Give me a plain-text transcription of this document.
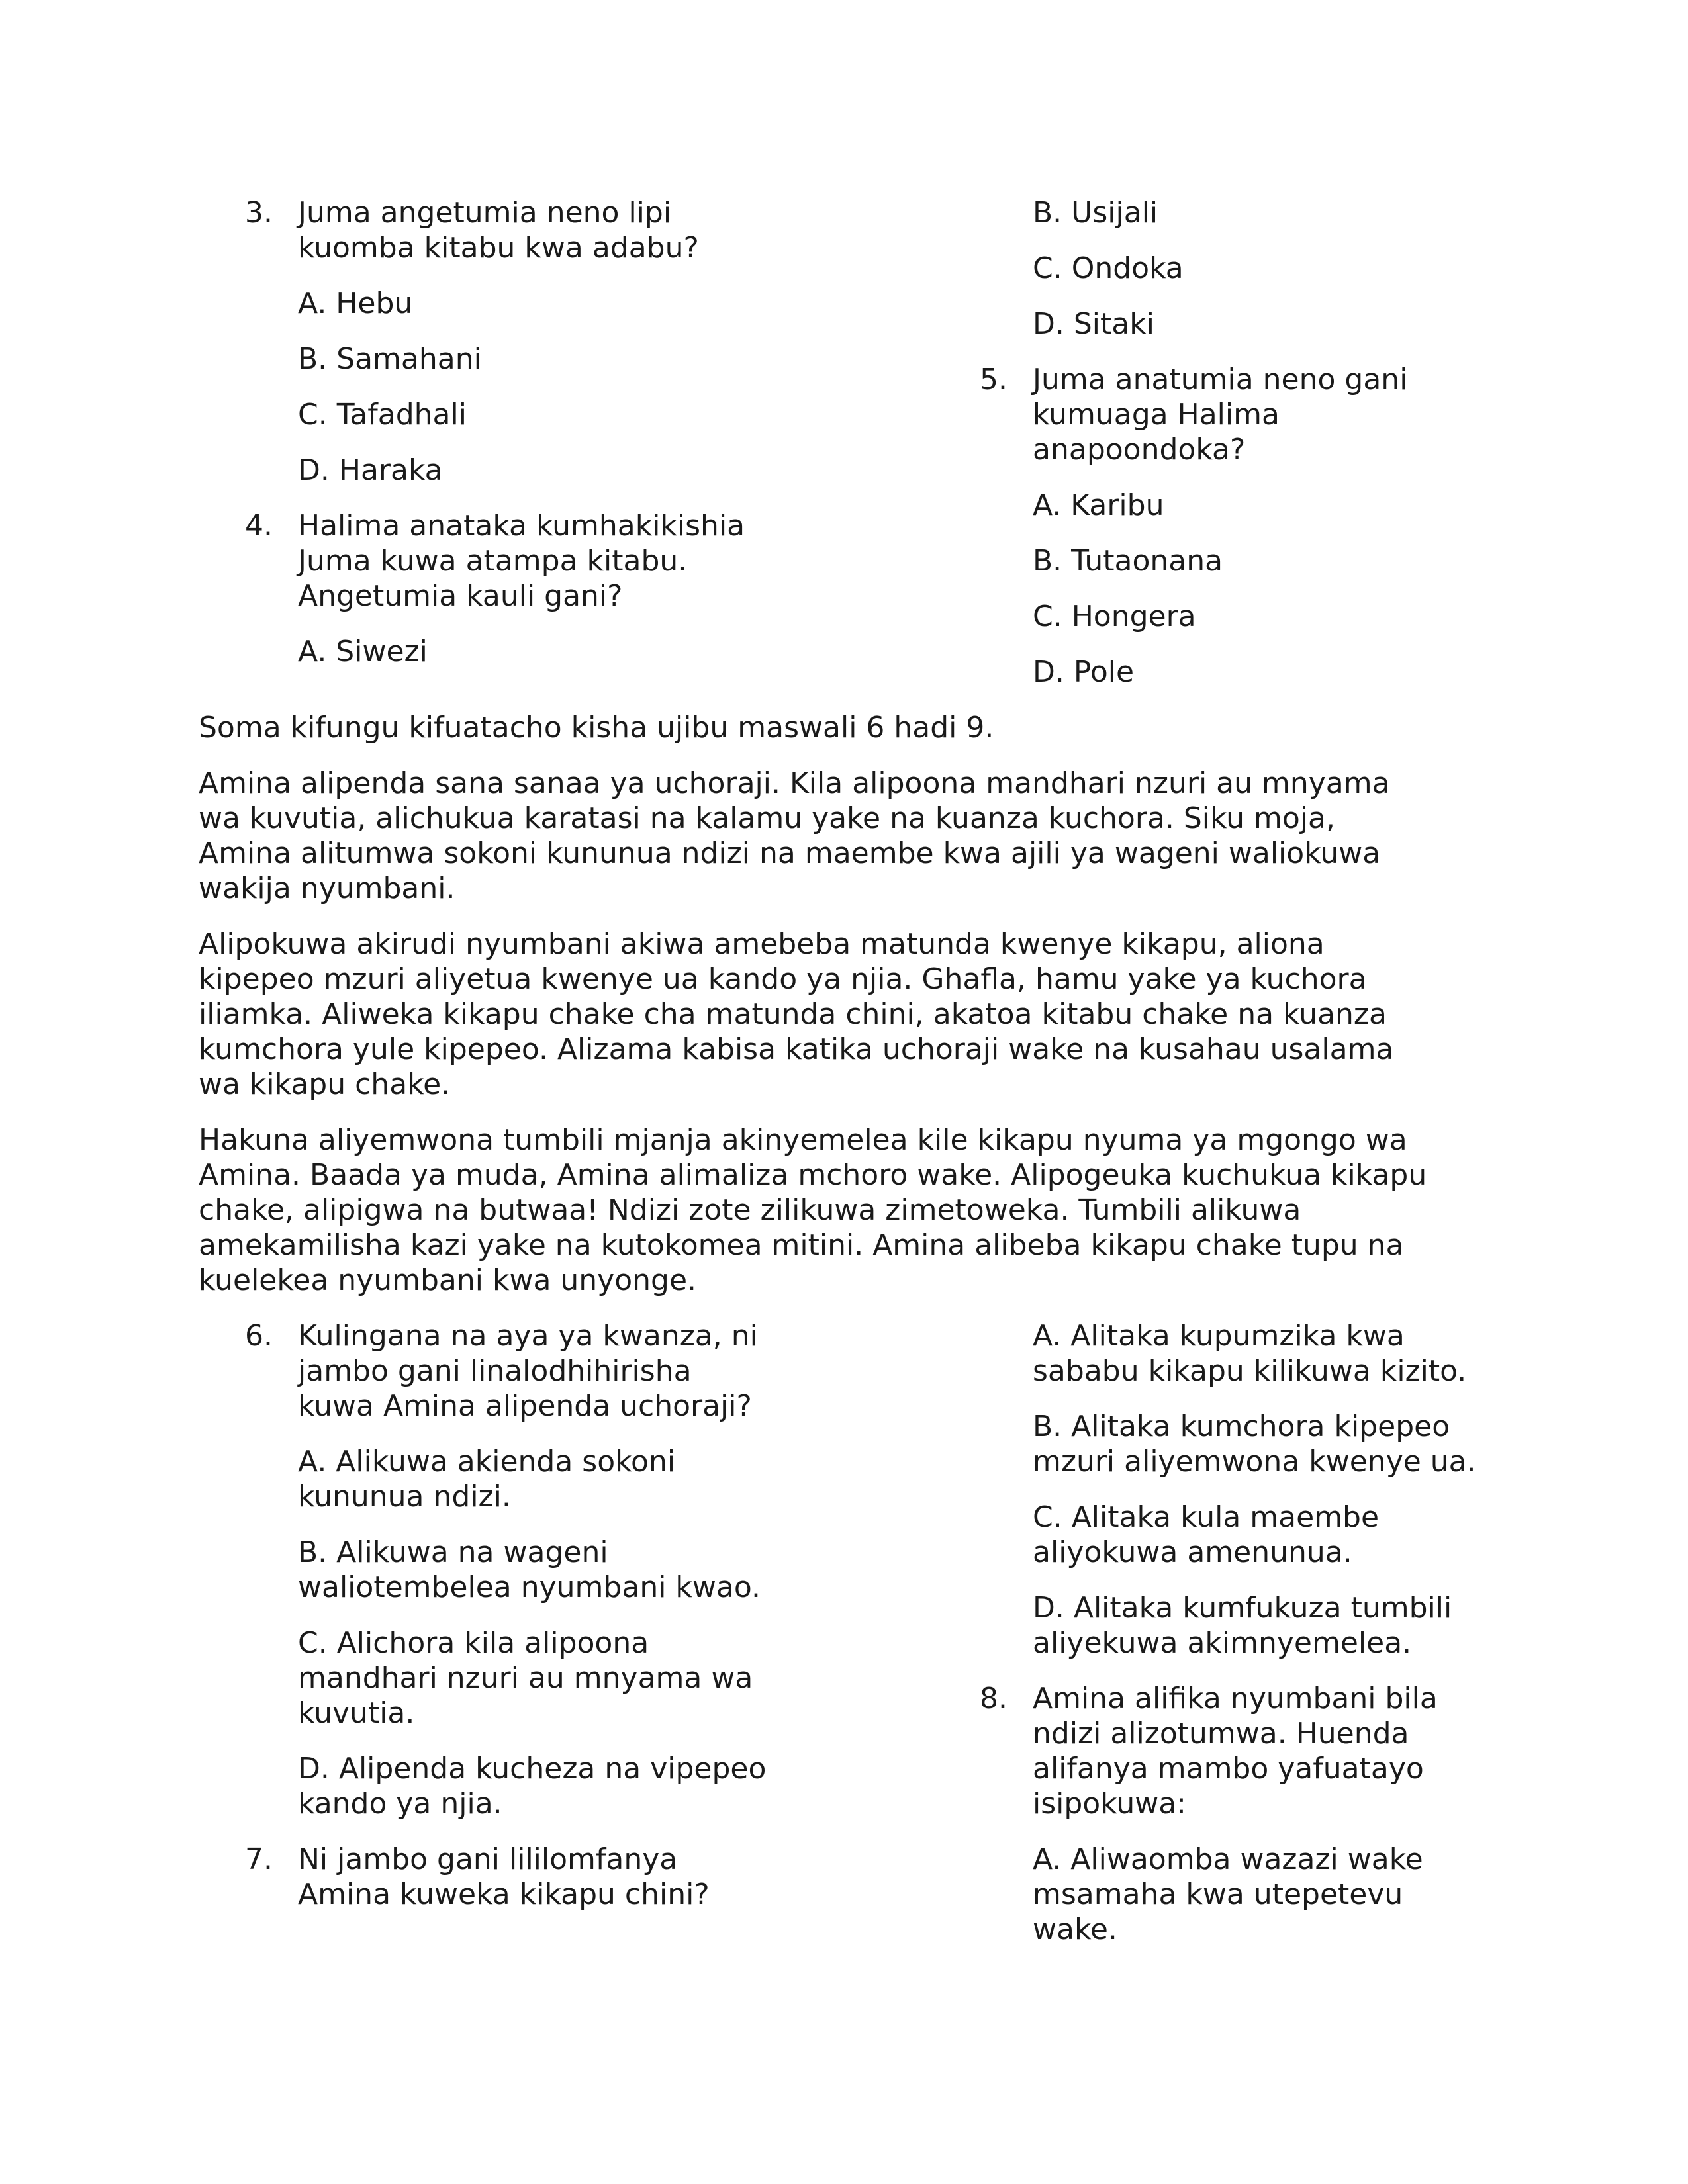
3. Juma angetumia neno lipi
kuomba kitabu kwa adabu?
A. Hebu
B. Samahani
C. Tafadhali
D. Haraka
4. Halima anataka kumhakikishia
Juma kuwa atampa kitabu.
Angetumia kauli gani?
A. Siwezi
B. Usijali
C. Ondoka
D. Sitaki
5. Juma anatumia neno gani
kumuaga Halima anapoondoka?
A. Karibu
B. Tutaonana
C. Hongera
D. Pole

Soma kifungu kifuatacho kisha ujibu maswali 6 hadi 9.

Amina alipenda sana sanaa ya uchoraji. Kila alipoona mandhari nzuri au mnyama
wa kuvutia, alichukua karatasi na kalamu yake na kuanza kuchora. Siku moja,
Amina alitumwa sokoni kununua ndizi na maembe kwa ajili ya wageni waliokuwa
wakija nyumbani.

Alipokuwa akirudi nyumbani akiwa amebeba matunda kwenye kikapu, aliona
kipepeo mzuri aliyetua kwenye ua kando ya njia. Ghafla, hamu yake ya kuchora
iliamka. Aliweka kikapu chake cha matunda chini, akatoa kitabu chake na kuanza
kumchora yule kipepeo. Alizama kabisa katika uchoraji wake na kusahau usalama
wa kikapu chake.

Hakuna aliyemwona tumbili mjanja akinyemelea kile kikapu nyuma ya mgongo wa
Amina. Baada ya muda, Amina alimaliza mchoro wake. Alipogeuka kuchukua kikapu
chake, alipigwa na butwaa! Ndizi zote zilikuwa zimetoweka. Tumbili alikuwa
amekamilisha kazi yake na kutokomea mitini. Amina alibeba kikapu chake tupu na
kuelekea nyumbani kwa unyonge.

6. Kulingana na aya ya kwanza, ni
jambo gani linalodhihirisha
kuwa Amina alipenda uchoraji?
A. Alikuwa akienda sokoni
kununua ndizi.
B. Alikuwa na wageni
waliotembelea nyumbani kwao.
C. Alichora kila alipoona
mandhari nzuri au mnyama wa
kuvutia.
D. Alipenda kucheza na vipepeo
kando ya njia.
7. Ni jambo gani lililomfanya
Amina kuweka kikapu chini?
A. Alitaka kupumzika kwa
sababu kikapu kilikuwa kizito.
B. Alitaka kumchora kipepeo
mzuri aliyemwona kwenye ua.
C. Alitaka kula maembe
aliyokuwa amenunua.
D. Alitaka kumfukuza tumbili
aliyekuwa akimnyemelea.
8. Amina alifika nyumbani bila
ndizi alizotumwa. Huenda
alifanya mambo yafuatayo
isipokuwa:
A. Aliwaomba wazazi wake
msamaha kwa utepetevu wake.
